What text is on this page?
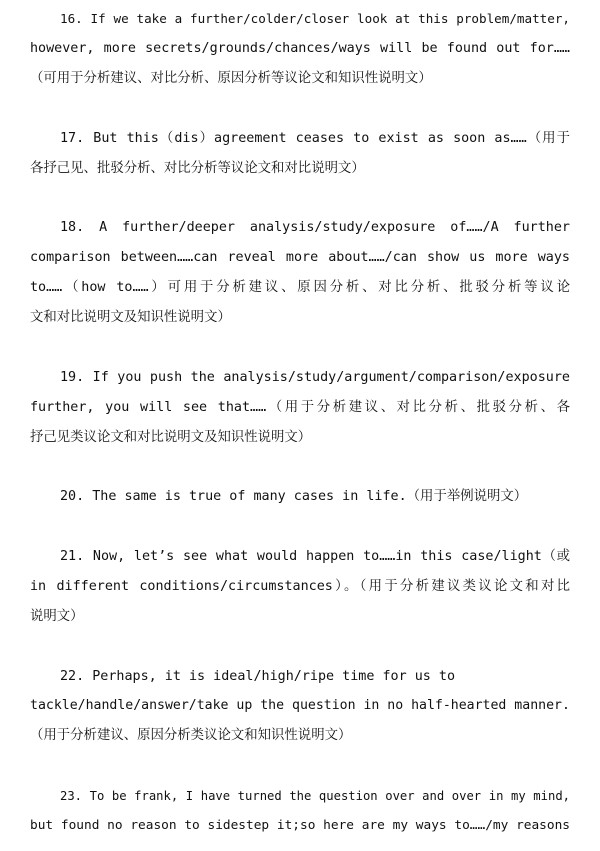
16. If we take a further/colder/closer look at this problem/matter,
however, more secrets/grounds/chances/ways will be found out for……
（可用于分析建议、对比分析、原因分析等议论文和知识性说明文）
17. But this（dis）agreement ceases to exist as soon as……（用于
各抒己见、批驳分析、对比分析等议论文和对比说明文）
18. A further/deeper analysis/study/exposure of……/A further
comparison between……can reveal more about……/can show us more ways
to……（how to……）可用于分析建议、原因分析、对比分析、批驳分析等议论
文和对比说明文及知识性说明文）
19. If you push the analysis/study/argument/comparison/exposure
further, you will see that……（用于分析建议、对比分析、批驳分析、各
抒己见类议论文和对比说明文及知识性说明文）
20. The same is true of many cases in life.（用于举例说明文）
21. Now, let’s see what would happen to……in this case/light（或
in different conditions/circumstances）。（用于分析建议类议论文和对比
说明文）
22. Perhaps, it is ideal/high/ripe time for us to
tackle/handle/answer/take up the question in no half-hearted manner.
（用于分析建议、原因分析类议论文和知识性说明文）
23. To be frank, I have turned the question over and over in my mind,
but found no reason to sidestep it;so here are my ways to……/my reasons
